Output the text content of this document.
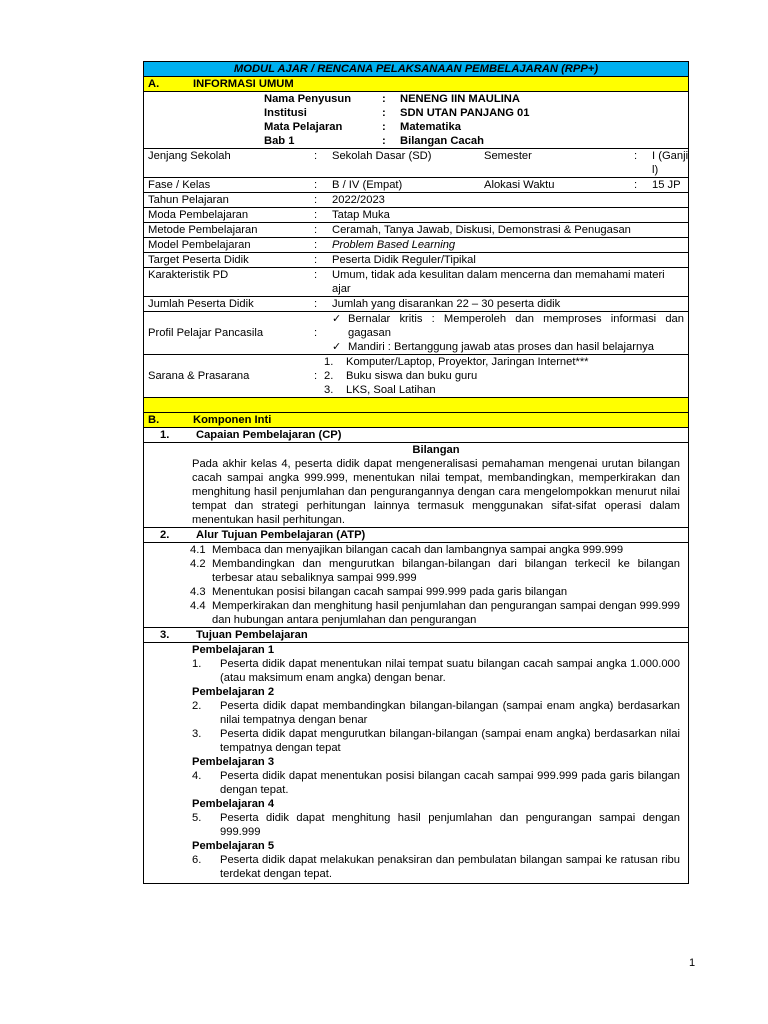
MODUL AJAR / RENCANA PELAKSANAAN PEMBELAJARAN (RPP+)

A.	INFORMASI UMUM

Nama Penyusun	:	NENENG IIN MAULINA
Institusi	:	SDN UTAN PANJANG 01
Mata Pelajaran	:	Matematika
Bab 1	:	Bilangan Cacah

Jenjang Sekolah	:	Sekolah Dasar (SD)	Semester	:	I (Ganjil)

Fase / Kelas	:	B / IV (Empat)	Alokasi Waktu	:	15 JP

Tahun Pelajaran	:	2022/2023

Moda Pembelajaran	:	Tatap Muka

Metode Pembelajaran	:	Ceramah, Tanya Jawab, Diskusi, Demonstrasi & Penugasan

Model Pembelajaran	:	Problem Based Learning

Target Peserta Didik	:	Peserta Didik Reguler/Tipikal

Karakteristik PD	:	Umum, tidak ada kesulitan dalam mencerna dan memahami materi ajar

Jumlah Peserta Didik	:	Jumlah yang disarankan 22 – 30 peserta didik

Profil Pelajar Pancasila	:
✓ Bernalar kritis : Memperoleh dan memproses informasi dan gagasan
✓ Mandiri : Bertanggung jawab atas proses dan hasil belajarnya

Sarana & Prasarana	:
1.	Komputer/Laptop, Proyektor, Jaringan Internet***
2.	Buku siswa dan buku guru
3.	LKS, Soal Latihan

B.	Komponen Inti

1.	Capaian Pembelajaran (CP)

Bilangan
Pada akhir kelas 4, peserta didik dapat mengeneralisasi pemahaman mengenai urutan bilangan cacah sampai angka 999.999, menentukan nilai tempat, membandingkan, memperkirakan dan menghitung hasil penjumlahan dan pengurangannya dengan cara mengelompokkan menurut nilai tempat dan strategi perhitungan lainnya termasuk menggunakan sifat-sifat operasi dalam menentukan hasil perhitungan.

2.	Alur Tujuan Pembelajaran (ATP)

4.1 Membaca dan menyajikan bilangan cacah dan lambangnya sampai angka 999.999
4.2 Membandingkan dan mengurutkan bilangan-bilangan dari bilangan terkecil ke bilangan terbesar atau sebaliknya sampai 999.999
4.3 Menentukan posisi bilangan cacah sampai 999.999 pada garis bilangan
4.4 Memperkirakan dan menghitung hasil penjumlahan dan pengurangan sampai dengan 999.999 dan hubungan antara penjumlahan dan pengurangan

3.	Tujuan Pembelajaran

Pembelajaran 1
1.	Peserta didik dapat menentukan nilai tempat suatu bilangan cacah sampai angka 1.000.000 (atau maksimum enam angka) dengan benar.
Pembelajaran 2
2.	Peserta didik dapat membandingkan bilangan-bilangan (sampai enam angka) berdasarkan nilai tempatnya dengan benar
3.	Peserta didik dapat mengurutkan bilangan-bilangan (sampai enam angka) berdasarkan nilai tempatnya dengan tepat
Pembelajaran 3
4.	Peserta didik dapat menentukan posisi bilangan cacah sampai 999.999 pada garis bilangan dengan tepat.
Pembelajaran 4
5.	Peserta didik dapat menghitung hasil penjumlahan dan pengurangan sampai dengan 999.999
Pembelajaran 5
6.	Peserta didik dapat melakukan penaksiran dan pembulatan bilangan sampai ke ratusan ribu terdekat dengan tepat.
1
